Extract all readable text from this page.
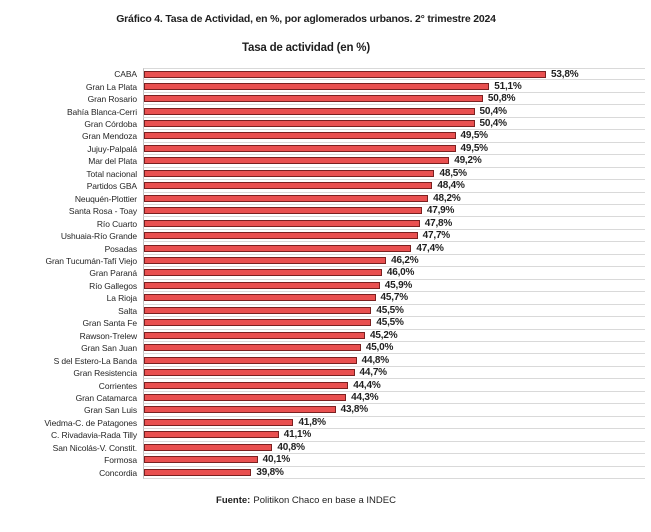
Gráfico 4. Tasa de Actividad, en %, por aglomerados urbanos. 2° trimestre 2024
Tasa de actividad (en %)
CABA	53,8%
Gran La Plata	51,1%
Gran Rosario	50,8%
Bahía Blanca-Cerri	50,4%
Gran Córdoba	50,4%
Gran Mendoza	49,5%
Jujuy-Palpalá	49,5%
Mar del Plata	49,2%
Total nacional	48,5%
Partidos GBA	48,4%
Neuquén-Plottier	48,2%
Santa Rosa - Toay	47,9%
Río Cuarto	47,8%
Ushuaia-Río Grande	47,7%
Posadas	47,4%
Gran Tucumán-Tafí Viejo	46,2%
Gran Paraná	46,0%
Río Gallegos	45,9%
La Rioja	45,7%
Salta	45,5%
Gran Santa Fe	45,5%
Rawson-Trelew	45,2%
Gran San Juan	45,0%
S del Estero-La Banda	44,8%
Gran Resistencia	44,7%
Corrientes	44,4%
Gran Catamarca	44,3%
Gran San Luis	43,8%
Viedma-C. de Patagones	41,8%
C. Rivadavia-Rada Tilly	41,1%
San Nicolás-V. Constit.	40,8%
Formosa	40,1%
Concordia	39,8%
Fuente: Politikon Chaco en base a INDEC
